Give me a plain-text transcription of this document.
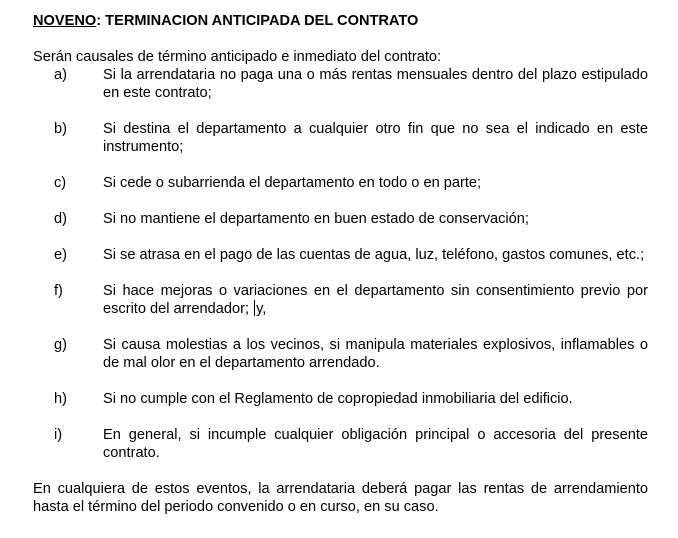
NOVENO: TERMINACION ANTICIPADA DEL CONTRATO
Serán causales de término anticipado e inmediato del contrato:
a) Si la arrendataria no paga una o más rentas mensuales dentro del plazo estipulado en este contrato;
b) Si destina el departamento a cualquier otro fin que no sea el indicado en este instrumento;
c)	Si cede o subarrienda el departamento en todo o en parte;
d) Si no mantiene el departamento en buen estado de conservación;
e) Si se atrasa en el pago de las cuentas de agua, luz, teléfono, gastos comunes, etc.;
f)	Si hace mejoras o variaciones en el departamento sin consentimiento previo por escrito del arrendador; y,
g) Si causa molestias a los vecinos, si manipula materiales explosivos, inflamables o de mal olor en el departamento arrendado.
h) Si no cumple con el Reglamento de copropiedad inmobiliaria del edificio.
i)	En general, si incumple cualquier obligación principal o accesoria del presente contrato.
En cualquiera de estos eventos, la arrendataria deberá pagar las rentas de arrendamiento hasta el término del periodo convenido o en curso, en su caso.
